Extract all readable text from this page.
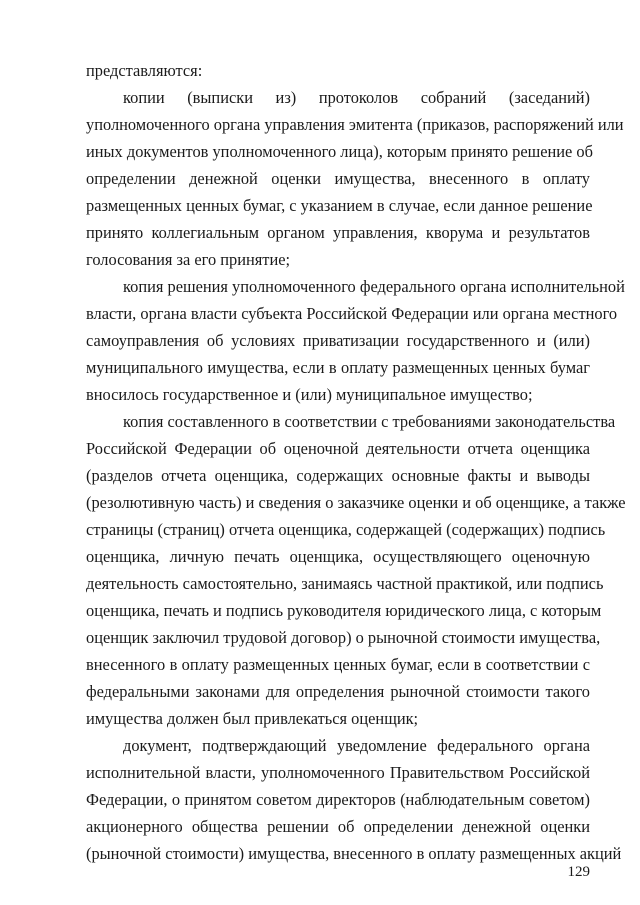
представляются:
копии (выписки из) протоколов собраний (заседаний)
уполномоченного органа управления эмитента (приказов, распоряжений или
иных документов уполномоченного лица), которым принято решение об
определении денежной оценки имущества, внесенного в оплату
размещенных ценных бумаг, с указанием в случае, если данное решение
принято коллегиальным органом управления, кворума и результатов
голосования за его принятие;
копия решения уполномоченного федерального органа исполнительной
власти, органа власти субъекта Российской Федерации или органа местного
самоуправления об условиях приватизации государственного и (или)
муниципального имущества, если в оплату размещенных ценных бумаг
вносилось государственное и (или) муниципальное имущество;
копия составленного в соответствии с требованиями законодательства
Российской Федерации об оценочной деятельности отчета оценщика
(разделов отчета оценщика, содержащих основные факты и выводы
(резолютивную часть) и сведения о заказчике оценки и об оценщике, а также
страницы (страниц) отчета оценщика, содержащей (содержащих) подпись
оценщика, личную печать оценщика, осуществляющего оценочную
деятельность самостоятельно, занимаясь частной практикой, или подпись
оценщика, печать и подпись руководителя юридического лица, с которым
оценщик заключил трудовой договор) о рыночной стоимости имущества,
внесенного в оплату размещенных ценных бумаг, если в соответствии с
федеральными законами для определения рыночной стоимости такого
имущества должен был привлекаться оценщик;
документ, подтверждающий уведомление федерального органа
исполнительной власти, уполномоченного Правительством Российской
Федерации, о принятом советом директоров (наблюдательным советом)
акционерного общества решении об определении денежной оценки
(рыночной стоимости) имущества, внесенного в оплату размещенных акций
129
